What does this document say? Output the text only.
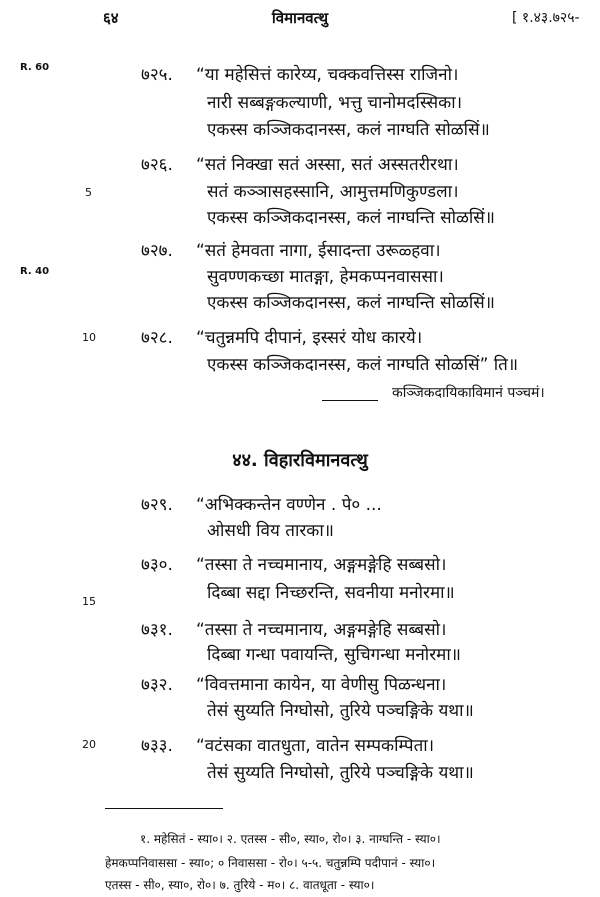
६४	विमानवत्थु	[ १.४३.७२५-
R. 60
5
R. 40
10
15
20
७२५. “या महेसित्तं कारेय्य, चक्कवत्तिस्स राजिनो।
नारी सब्बङ्गकल्याणी, भत्तु चानोमदस्सिका।
एकस्स कञ्जिकदानस्स, कलं नाग्घति सोळसिं॥
७२६. “सतं निक्खा सतं अस्सा, सतं अस्सतरीरथा।
सतं कञ्ञासहस्सानि, आमुत्तमणिकुण्डला।
एकस्स कञ्जिकदानस्स, कलं नाग्घन्ति सोळसिं॥
७२७. “सतं हेमवता नागा, ईसादन्ता उरूळ्हवा।
सुवण्णकच्छा मातङ्गा, हेमकप्पनवाससा।
एकस्स कञ्जिकदानस्स, कलं नाग्घन्ति सोळसिं॥
७२८. “चतुन्नमपि दीपानं, इस्सरं योध कारये।
एकस्स कञ्जिकदानस्स, कलं नाग्घति सोळसिं” ति॥
कञ्जिकदायिकाविमानं पञ्चमं।
४४. विहारविमानवत्थु
७२९. “अभिक्कन्तेन वण्णेन . पे० ...
ओसधी विय तारका॥
७३०. “तस्सा ते नच्चमानाय, अङ्गमङ्गेहि सब्बसो।
दिब्बा सद्दा निच्छरन्ति, सवनीया मनोरमा॥
७३१. “तस्सा ते नच्चमानाय, अङ्गमङ्गेहि सब्बसो।
दिब्बा गन्धा पवायन्ति, सुचिगन्धा मनोरमा॥
७३२. “विवत्तमाना कायेन, या वेणीसु पिळन्धना।
तेसं सुय्यति निग्घोसो, तुरिये पञ्चङ्गिके यथा॥
७३३. “वटंसका वातधुता, वातेन सम्पकम्पिता।
तेसं सुय्यति निग्घोसो, तुरिये पञ्चङ्गिके यथा॥
१. महेसितं - स्या०। २. एतस्स - सी०, स्या०, रो०। ३. नाग्घन्ति - स्या०।
हेमकप्पनिवाससा - स्या०; ० निवाससा - रो०। ५-५. चतुन्नम्पि पदीपानं - स्या०।
एतस्स - सी०, स्या०, रो०। ७. तुरिये - म०। ८. वातधूता - स्या०।
